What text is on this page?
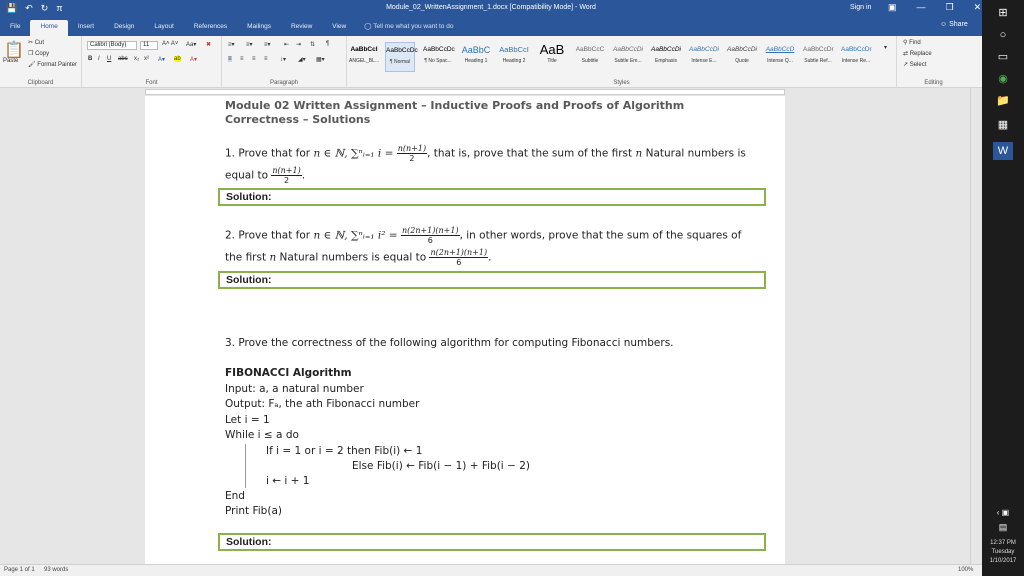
💾 ↶ ↻ π	Module_02_WrittenAssignment_1.docx [Compatibility Mode] - Word	Sign in ▣ — ❐ ✕
File	Home	Insert	Design	Layout	References	Mailings	Review	View	◯ Tell me what you want to do	☺ Share
📋
Paste
✂ Cut
❐ Copy
🖌 Format Painter
Clipboard
Calibri (Body)	11	A˄ A˅ Aa▾ ✖
B I U abc x₂ x² A▾ ab A▾
Font
≡▾ ≡▾ ≡▾ ⇤ ⇥ ⇅ ¶
≡ ≡ ≡ ≡ ↕▾ ◢▾ ▦▾
Paragraph
AaBbCcI
ANGEL_BL...
AaBbCcDc
¶ Normal
AaBbCcDc
¶ No Spac...
AaBbC
Heading 1
AaBbCcI
Heading 2
AaB
Title
AaBbCcC
Subtitle
AaBbCcDi
Subtle Em...
AaBbCcDi
Emphasis
AaBbCcDi
Intense E...
AaBbCcDi
Quote
AaBbCcD
Intense Q...
AaBbCcDr
Subtle Ref...
AaBbCcDr
Intense Re...
▾
Styles
⚲ Find
⇄ Replace
↗ Select
Editing
Module 02 Written Assignment – Inductive Proofs and Proofs of Algorithm Correctness – Solutions
1. Prove that for n ∈ ℕ, ∑ⁿᵢ₌₁ $i = \frac{n(n+1)}{2}$ , that is, prove that the sum of the first n Natural numbers is
equal to $\frac{n(n+1)}{2}$ .
2. Prove that for n ∈ ℕ, ∑ⁿᵢ₌₁ $i^2 = \frac{n(2n+1)(n+1)}{6}$ , in other words, prove that the sum of the squares of
the first n Natural numbers is equal to $\frac{n(2n+1)(n+1)}{6}$ .
3. Prove the correctness of the following algorithm for computing Fibonacci numbers.
FIBONACCI Algorithm
Input: a, a natural number
Output: Fₐ, the ath Fibonacci number
Let i = 1
While i ≤ a do
If i = 1 or i = 2 then Fib(i) ← 1
Else Fib(i) ← Fib(i − 1) + Fib(i − 2)
i ← i + 1
End
Print Fib(a)
Solution:
Solution:
Solution:
Page 1 of 1 93 words	100%
⊞
○
▭
◉
📁
▦
W
‹ ▣
▤
12:37 PM
Tuesday
1/10/2017
